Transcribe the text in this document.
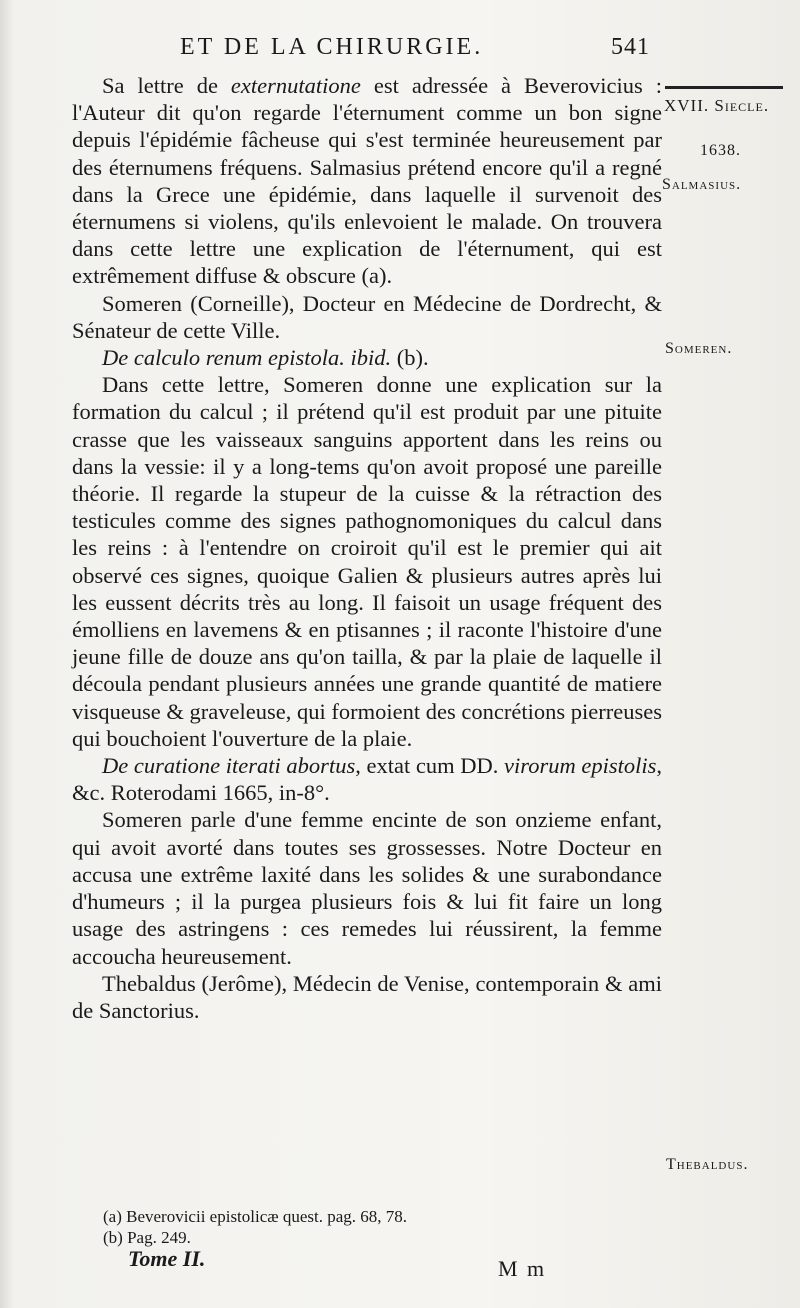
ET DE LA CHIRURGIE.	541
XVII. Siecle.
1638.
Salmasius.
Someren.
Thebaldus.

Sa lettre de externutatione est adressée à Beverovicius : l'Auteur dit qu'on regarde l'éternument comme un bon signe depuis l'épidémie fâcheuse qui s'est terminée heureusement par des éternumens fréquens. Salmasius prétend encore qu'il a regné dans la Grece une épidémie, dans laquelle il survenoit des éternumens si violens, qu'ils enlevoient le malade. On trouvera dans cette lettre une explication de l'éternument, qui est extrêmement diffuse & obscure (a).

Someren (Corneille), Docteur en Médecine de Dordrecht, & Sénateur de cette Ville.

De calculo renum epistola. ibid. (b).

Dans cette lettre, Someren donne une explication sur la formation du calcul ; il prétend qu'il est produit par une pituite crasse que les vaisseaux sanguins apportent dans les reins ou dans la vessie: il y a long-tems qu'on avoit proposé une pareille théorie. Il regarde la stupeur de la cuisse & la rétraction des testicules comme des signes pathognomoniques du calcul dans les reins : à l'entendre on croiroit qu'il est le premier qui ait observé ces signes, quoique Galien & plusieurs autres après lui les eussent décrits très au long. Il faisoit un usage fréquent des émolliens en lavemens & en ptisannes ; il raconte l'histoire d'une jeune fille de douze ans qu'on tailla, & par la plaie de laquelle il découla pendant plusieurs années une grande quantité de matiere visqueuse & graveleuse, qui formoient des concrétions pierreuses qui bouchoient l'ouverture de la plaie.

De curatione iterati abortus, extat cum DD. virorum epistolis, &c. Roterodami 1665, in-8°.

Someren parle d'une femme encinte de son onzieme enfant, qui avoit avorté dans toutes ses grossesses. Notre Docteur en accusa une extrême laxité dans les solides & une surabondance d'humeurs ; il la purgea plusieurs fois & lui fit faire un long usage des astringens : ces remedes lui réussirent, la femme accoucha heureusement.

Thebaldus (Jerôme), Médecin de Venise, contemporain & ami de Sanctorius.

(a) Beverovicii epistolicæ quest. pag. 68, 78.
(b) Pag. 249.
Tome II.	M m
